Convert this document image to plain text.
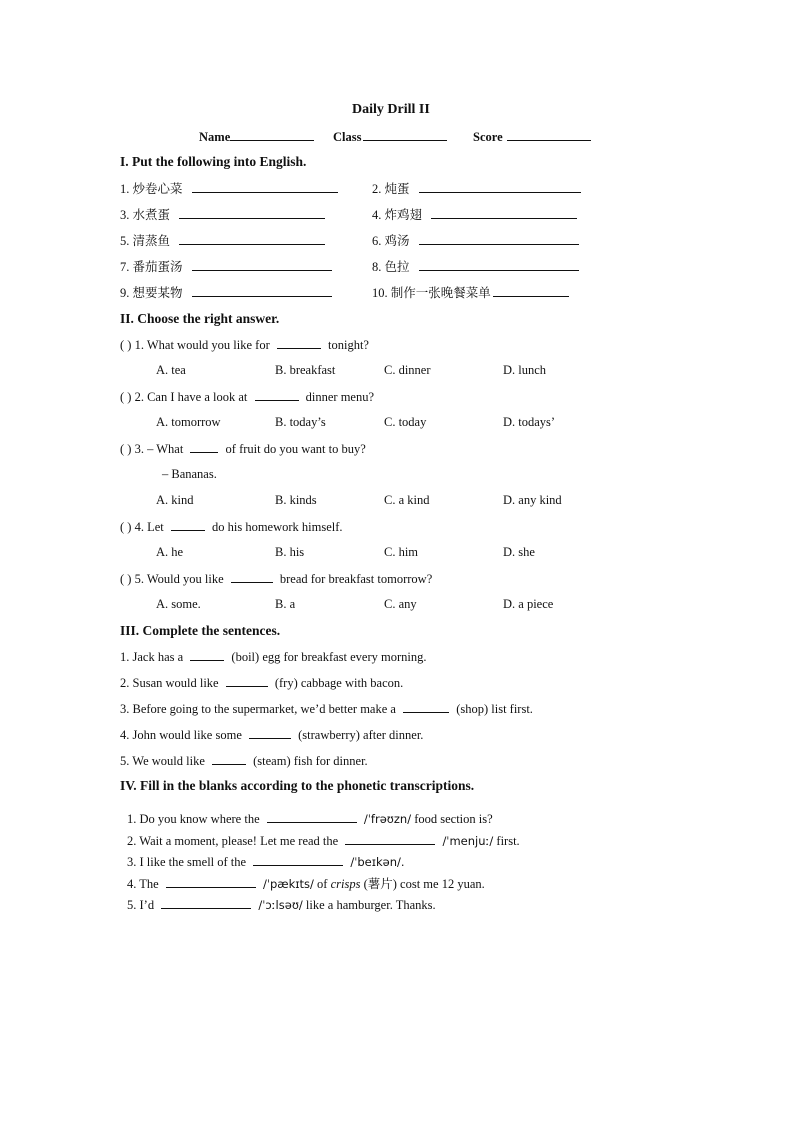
Daily Drill II
Name	Class	Score
I. Put the following into English.
1. 炒卷心菜	2. 炖蛋
3. 水煮蛋	4. 炸鸡翅
5. 清蒸鱼	6. 鸡汤
7. 番茄蛋汤	8. 色拉
9. 想要某物	10. 制作一张晚餐菜单
II. Choose the right answer.
( ) 1. What would you like for	tonight?
A. tea	B. breakfast	C. dinner	D. lunch
( ) 2. Can I have a look at	dinner menu?
A. tomorrow	B. today’s	C. today	D. todays’
( ) 3. – What	of fruit do you want to buy?
– Bananas.
A. kind	B. kinds	C. a kind	D. any kind
( ) 4. Let	do his homework himself.
A. he	B. his	C. him	D. she
( ) 5. Would you like	bread for breakfast tomorrow?
A. some.	B. a	C. any	D. a piece
III. Complete the sentences.
1. Jack has a	(boil) egg for breakfast every morning.
2. Susan would like	(fry) cabbage with bacon.
3. Before going to the supermarket, we’d better make a	(shop) list first.
4. John would like some	(strawberry) after dinner.
5. We would like	(steam) fish for dinner.
IV. Fill in the blanks according to the phonetic transcriptions.
1. Do you know where the	/ˈfrəʊzn/ food section is?
2. Wait a moment, please! Let me read the	/ˈmenjuː/ first.
3. I like the smell of the	/ˈbeɪkən/.
4. The	/ˈpækɪts/ of crisps (薯片) cost me 12 yuan.
5. I’d	/ˈɔːlsəʊ/ like a hamburger. Thanks.
